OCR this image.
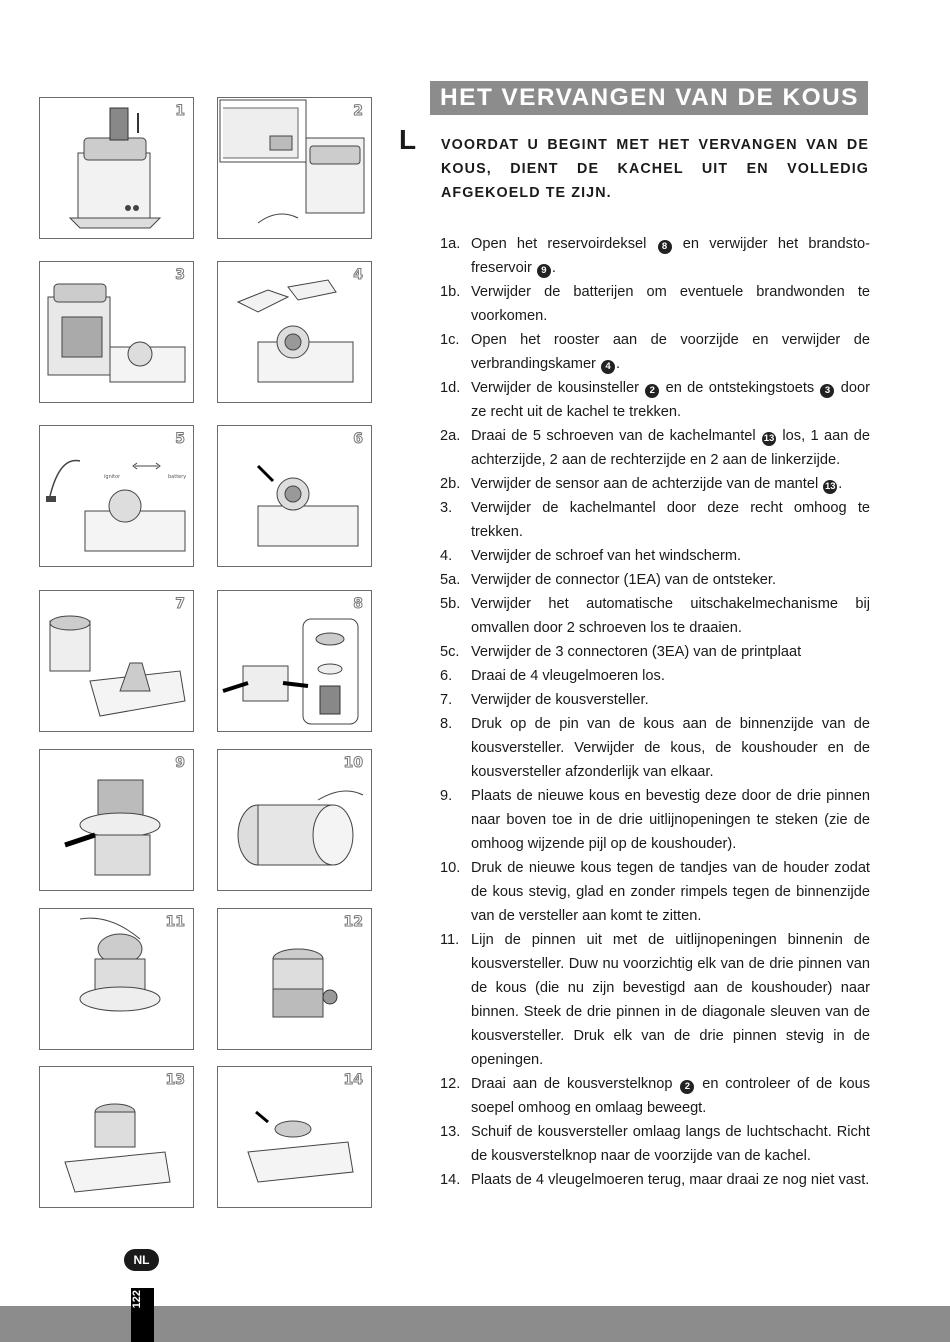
1	2
3	4
ignitor	battery
5	6
7	8
9	10
11	12
13	14
HET VERVANGEN VAN DE KOUS
L VOORDAT U BEGINT MET HET VERVANGEN VAN DE KOUS, DIENT DE KACHEL UIT EN VOLLEDIG AFGEKOELD TE ZIJN.
1a. Open het reservoirdeksel 8 en verwijder het brandstofreservoir 9 .
1b. Verwijder de batterijen om eventuele brandwonden te voorkomen.
1c. Open het rooster aan de voorzijde en verwijder de verbrandingskamer 4 .
1d. Verwijder de kousinsteller 2 en de ontstekingstoets 3 door ze recht uit de kachel te trekken.
2a. Draai de 5 schroeven van de kachelmantel 13 los, 1 aan de achterzijde, 2 aan de rechterzijde en 2 aan de linkerzijde.
2b. Verwijder de sensor aan de achterzijde van de mantel 13 .
3. Verwijder de kachelmantel door deze recht omhoog te trekken.
4. Verwijder de schroef van het windscherm.
5a. Verwijder de connector (1EA) van de ontsteker.
5b. Verwijder het automatische uitschakelmechanisme bij omvallen door 2 schroeven los te draaien.
5c. Verwijder de 3 connectoren (3EA) van de printplaat
6. Draai de 4 vleugelmoeren los.
7. Verwijder de kousversteller.
8. Druk op de pin van de kous aan de binnenzijde van de kousversteller. Verwijder de kous, de koushouder en de kousversteller afzonderlijk van elkaar.
9. Plaats de nieuwe kous en bevestig deze door de drie pinnen naar boven toe in de drie uitlijnopeningen te steken (zie de omhoog wijzende pijl op de koushouder).
10. Druk de nieuwe kous tegen de tandjes van de houder zodat de kous stevig, glad en zonder rimpels tegen de binnenzijde van de versteller aan komt te zitten.
11. Lijn de pinnen uit met de uitlijnopeningen binnenin de kousversteller. Duw nu voorzichtig elk van de drie pinnen van de kous (die nu zijn bevestigd aan de koushouder) naar binnen. Steek de drie pinnen in de diagonale sleuven van de kousversteller. Druk elk van de drie pinnen stevig in de openingen.
12. Draai aan de kousverstelknop 2 en controleer of de kous soepel omhoog en omlaag beweegt.
13. Schuif de kousversteller omlaag langs de luchtschacht. Richt de kousverstelknop naar de voorzijde van de kachel.
14. Plaats de 4 vleugelmoeren terug, maar draai ze nog niet vast.
NL
122
